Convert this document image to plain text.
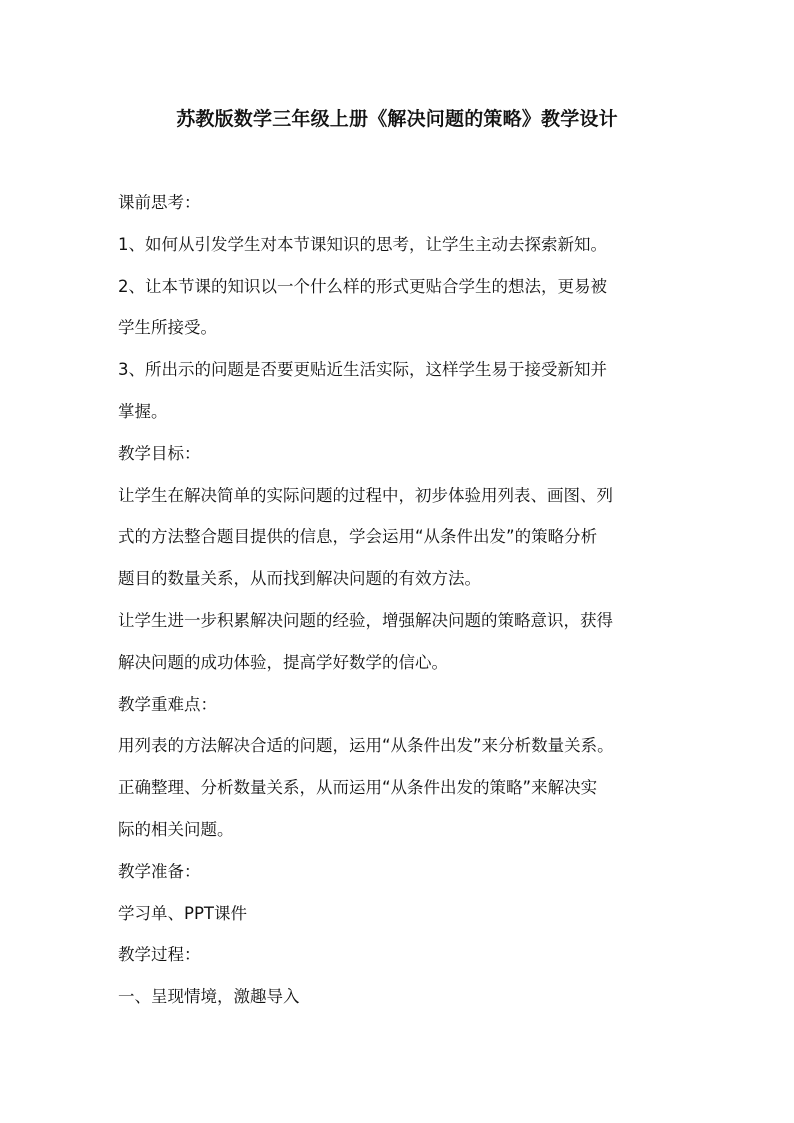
苏教版数学三年级上册《解决问题的策略》教学设计

课前思考：

1、如何从引发学生对本节课知识的思考，让学生主动去探索新知。

2、让本节课的知识以一个什么样的形式更贴合学生的想法，更易被

学生所接受。

3、所出示的问题是否要更贴近生活实际，这样学生易于接受新知并

掌握。

教学目标：

让学生在解决简单的实际问题的过程中，初步体验用列表、画图、列

式的方法整合题目提供的信息，学会运用“从条件出发”的策略分析

题目的数量关系，从而找到解决问题的有效方法。

让学生进一步积累解决问题的经验，增强解决问题的策略意识，获得

解决问题的成功体验，提高学好数学的信心。

教学重难点：

用列表的方法解决合适的问题，运用“从条件出发”来分析数量关系。

正确整理、分析数量关系，从而运用“从条件出发的策略”来解决实

际的相关问题。

教学准备：

学习单、PPT课件

教学过程：

一、呈现情境，激趣导入
